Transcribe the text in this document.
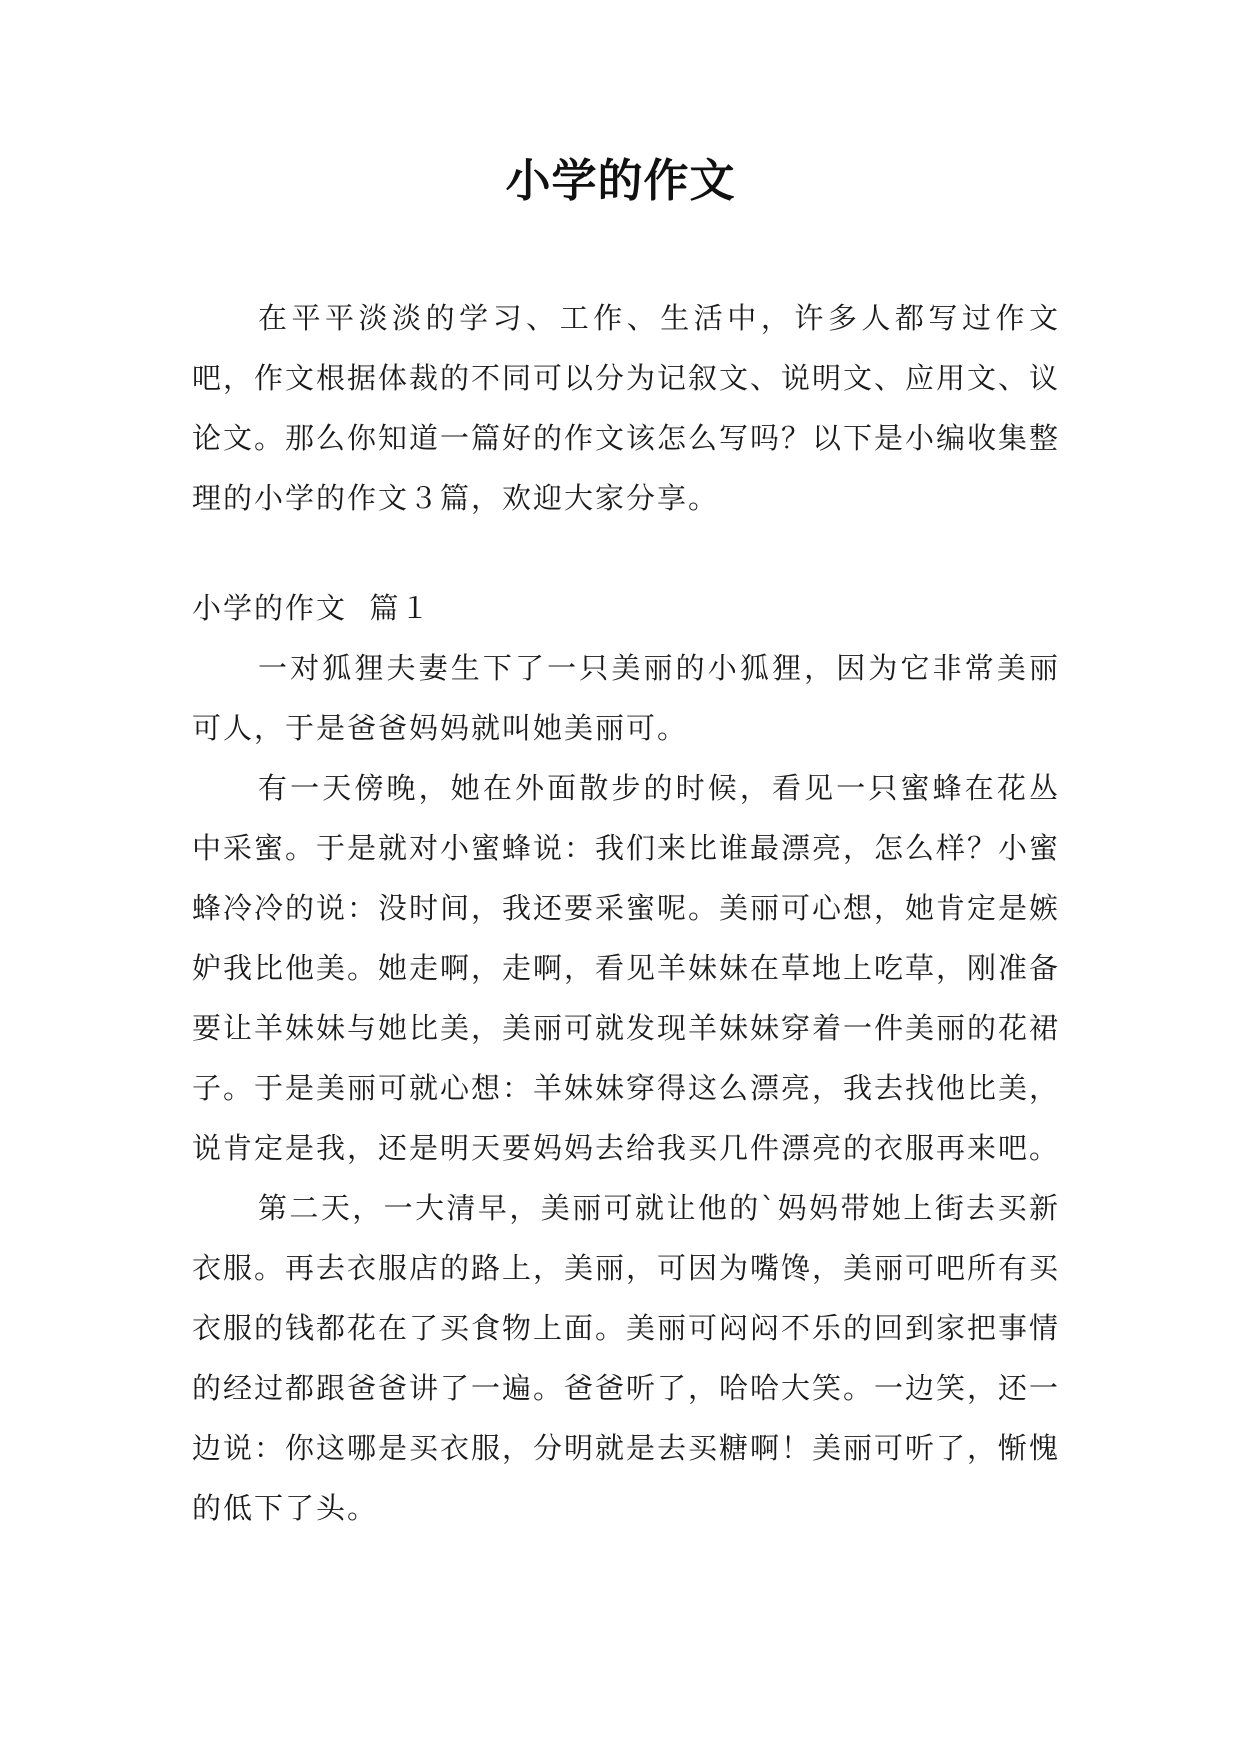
小学的作文

在平平淡淡的学习、工作、生活中，许多人都写过作文吧，作文根据体裁的不同可以分为记叙文、说明文、应用文、议论文。那么你知道一篇好的作文该怎么写吗？以下是小编收集整理的小学的作文３篇，欢迎大家分享。

小学的作文  篇１

一对狐狸夫妻生下了一只美丽的小狐狸，因为它非常美丽可人，于是爸爸妈妈就叫她美丽可。

有一天傍晚，她在外面散步的时候，看见一只蜜蜂在花丛中采蜜。于是就对小蜜蜂说：我们来比谁最漂亮，怎么样？小蜜蜂冷冷的说：没时间，我还要采蜜呢。美丽可心想，她肯定是嫉妒我比他美。她走啊，走啊，看见羊妹妹在草地上吃草，刚准备要让羊妹妹与她比美，美丽可就发现羊妹妹穿着一件美丽的花裙子。于是美丽可就心想：羊妹妹穿得这么漂亮，我去找他比美，说肯定是我，还是明天要妈妈去给我买几件漂亮的衣服再来吧。

第二天，一大清早，美丽可就让他的`妈妈带她上街去买新衣服。再去衣服店的路上，美丽，可因为嘴馋，美丽可吧所有买衣服的钱都花在了买食物上面。美丽可闷闷不乐的回到家把事情的经过都跟爸爸讲了一遍。爸爸听了，哈哈大笑。一边笑，还一边说：你这哪是买衣服，分明就是去买糖啊！美丽可听了，惭愧的低下了头。
